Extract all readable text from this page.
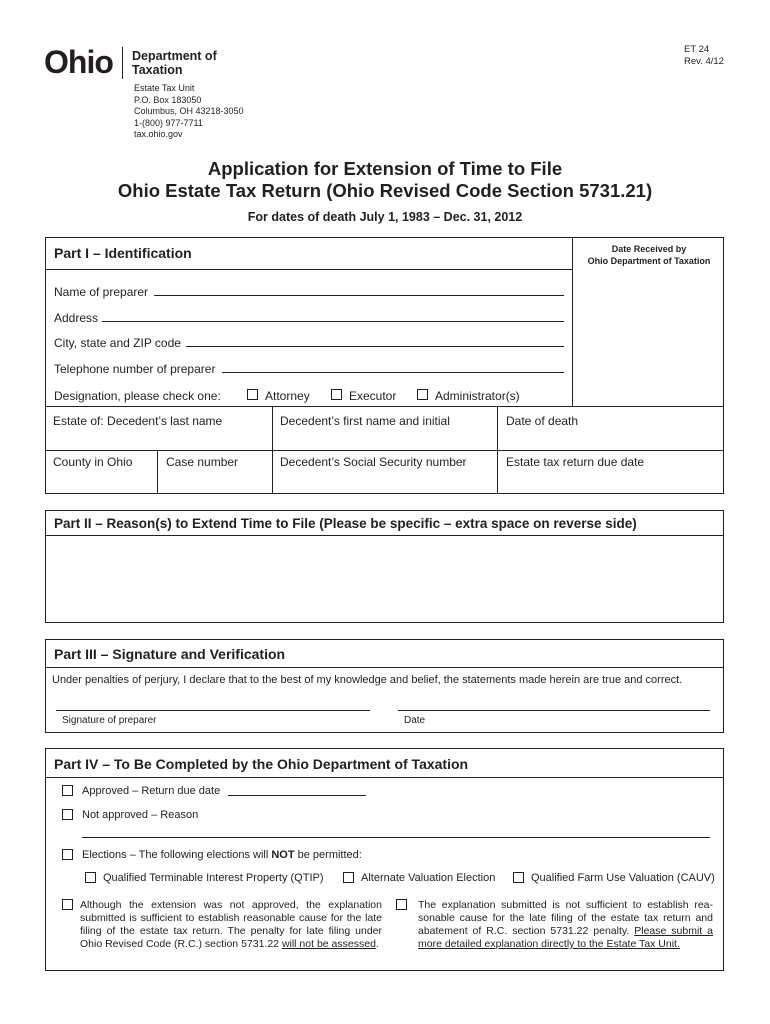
Ohio Department of
Taxation
Estate Tax Unit
P.O. Box 183050
Columbus, OH 43218-3050
1-(800) 977-7711
tax.ohio.gov
ET 24
Rev. 4/12
Application for Extension of Time to File
Ohio Estate Tax Return (Ohio Revised Code Section 5731.21)
For dates of death July 1, 1983 – Dec. 31, 2012
Part I – Identification	Date Received by
Ohio Department of Taxation
Name of preparer
Address
City, state and ZIP code
Telephone number of preparer
Designation, please check one:	Attorney	Executor	Administrator(s)
Estate of: Decedent’s last name	Decedent’s first name and initial	Date of death
County in Ohio	Case number	Decedent’s Social Security number	Estate tax return due date
Part II – Reason(s) to Extend Time to File (Please be specific – extra space on reverse side)
Part III – Signature and Verification
Under penalties of perjury, I declare that to the best of my knowledge and belief, the statements made herein are true and correct.
Signature of preparer	Date
Part IV – To Be Completed by the Ohio Department of Taxation
Approved – Return due date
Not approved – Reason
Elections – The following elections will NOT be permitted:
Qualified Terminable Interest Property (QTIP)	Alternate Valuation Election	Qualified Farm Use Valuation (CAUV)
Although the extension was not approved, the explanation submitted is sufficient to establish reasonable cause for the late filing of the estate tax return. The penalty for late filing under Ohio Revised Code (R.C.) section 5731.22 will not be assessed.
The explanation submitted is not sufficient to establish rea-sonable cause for the late filing of the estate tax return and abatement of R.C. section 5731.22 penalty. Please submit a more detailed explanation directly to the Estate Tax Unit.
